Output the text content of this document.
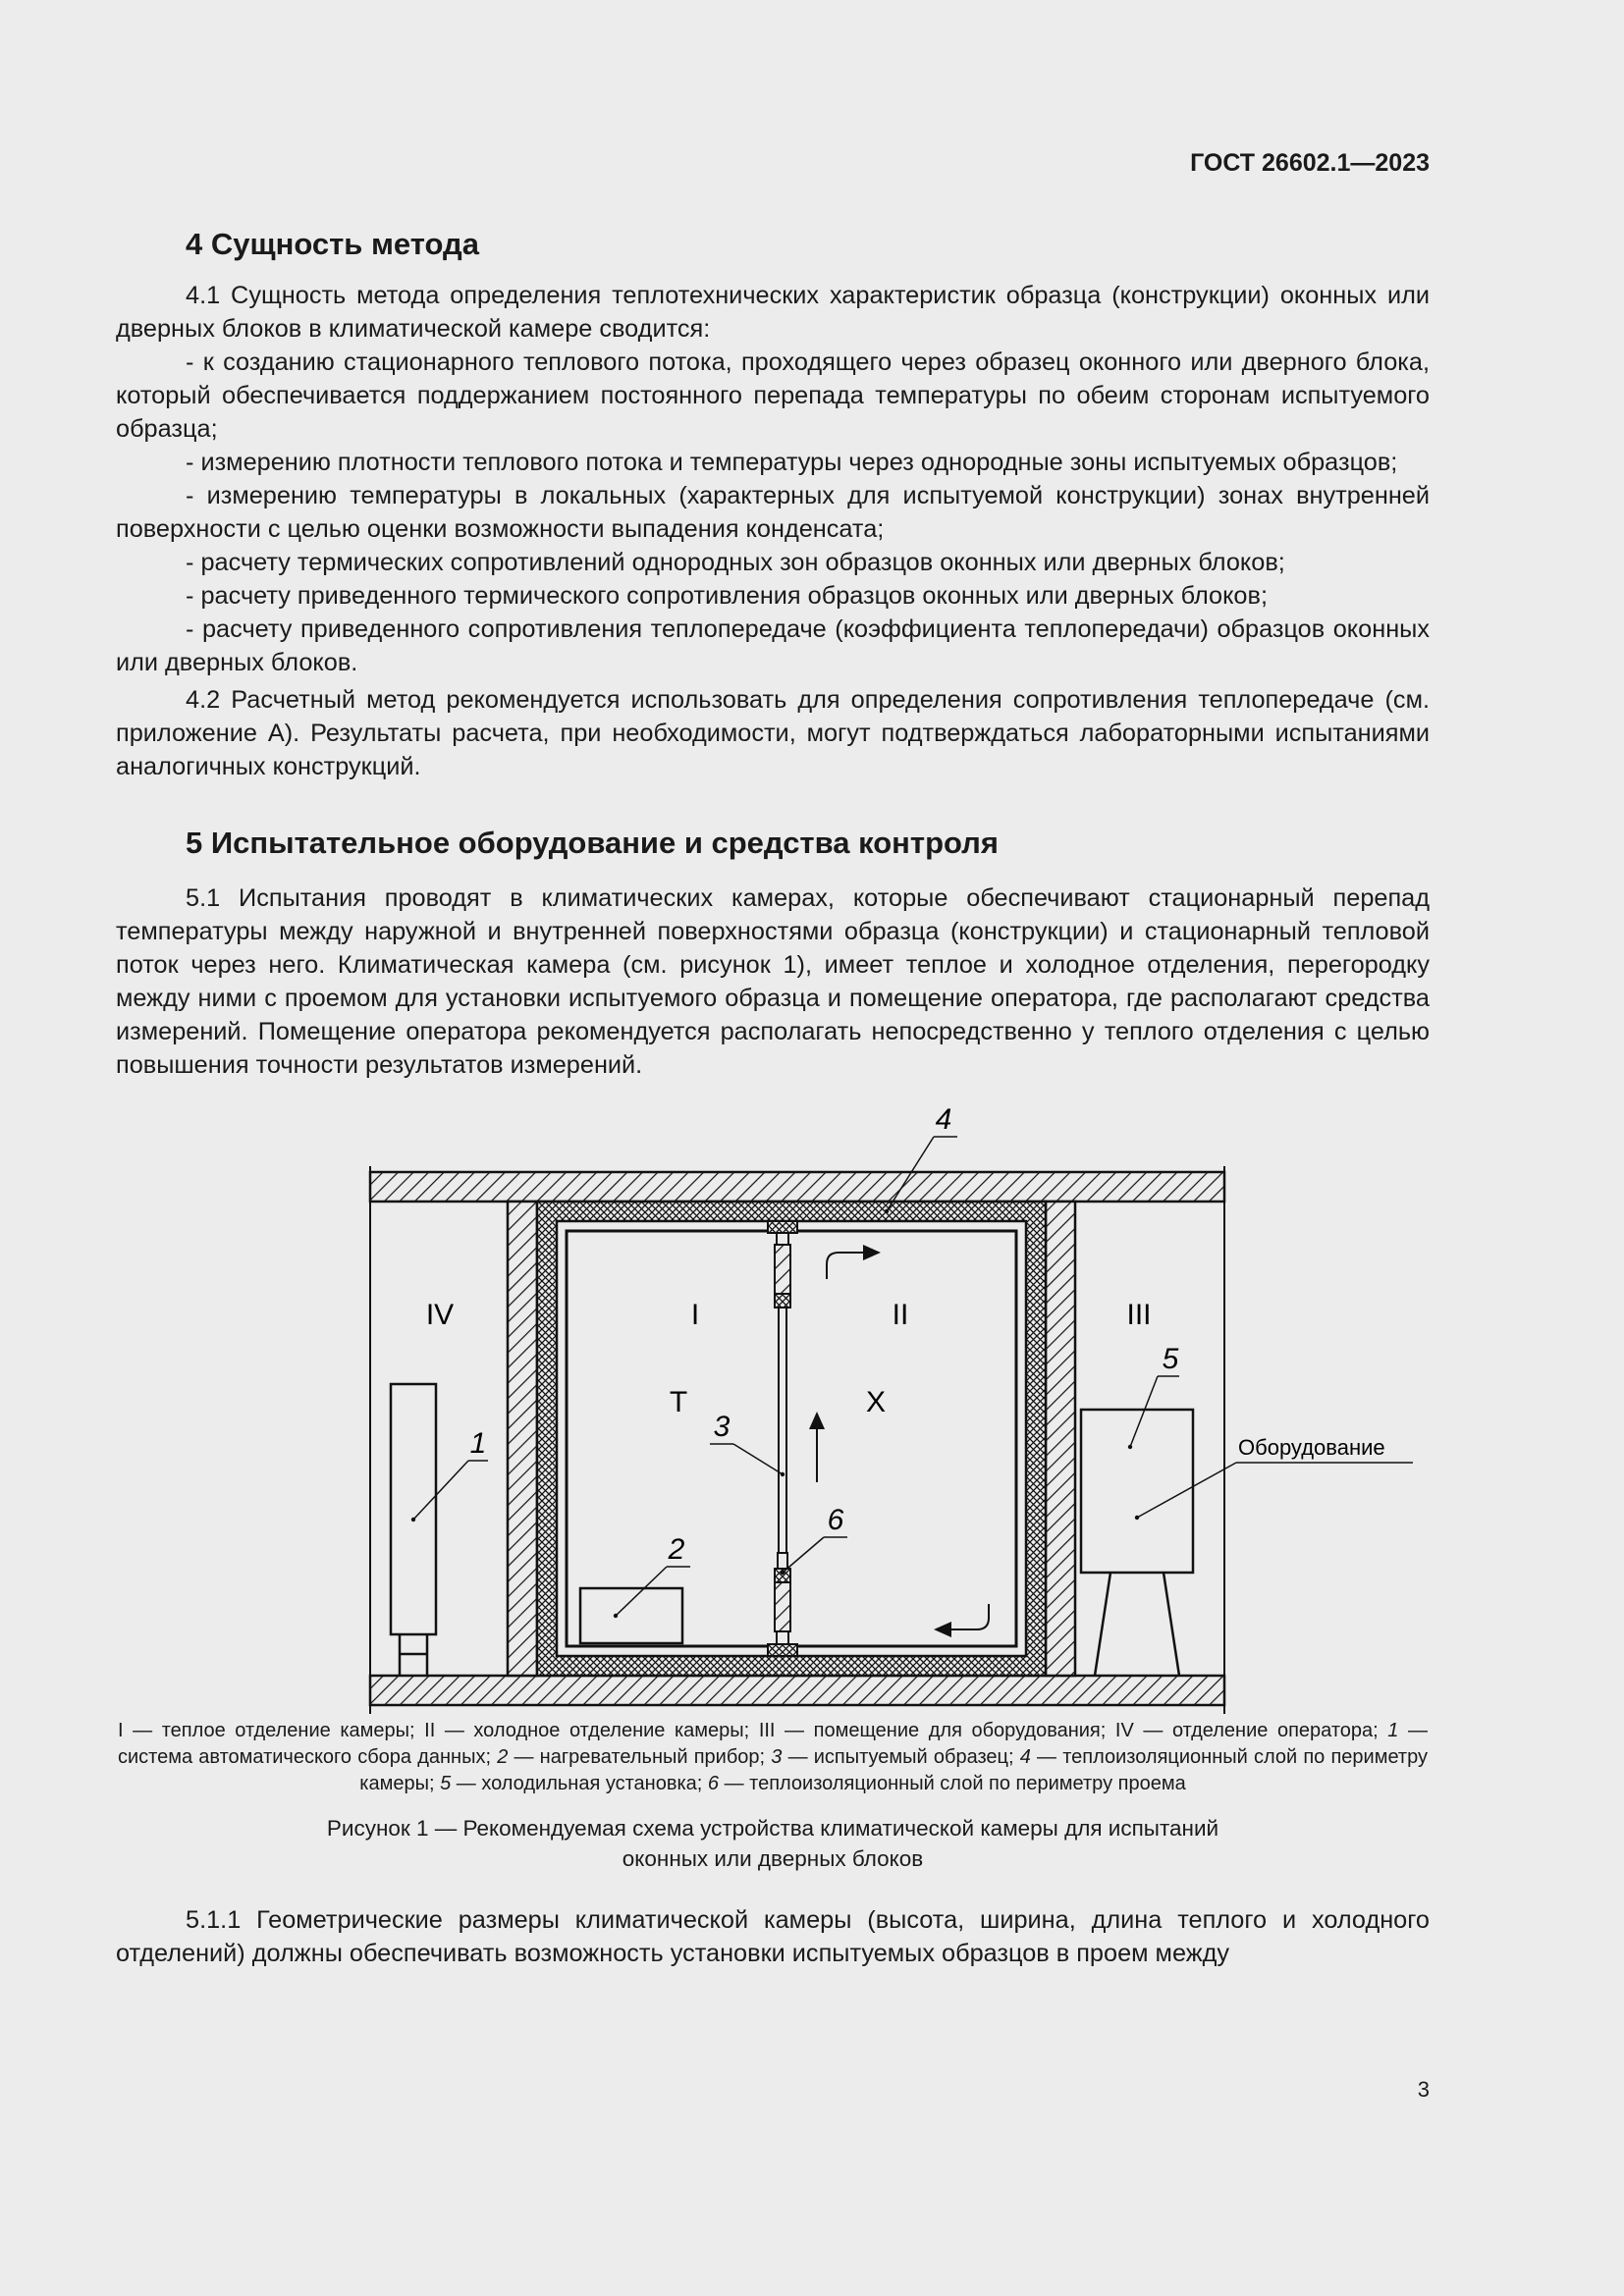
ГОСТ 26602.1—2023
4 Сущность метода

4.1 Сущность метода определения теплотехнических характеристик образца (конструкции) оконных или дверных блоков в климатической камере сводится:

- к созданию стационарного теплового потока, проходящего через образец оконного или дверного блока, который обеспечивается поддержанием постоянного перепада температуры по обеим сторонам испытуемого образца;

- измерению плотности теплового потока и температуры через однородные зоны испытуемых образцов;

- измерению температуры в локальных (характерных для испытуемой конструкции) зонах внутренней поверхности с целью оценки возможности выпадения конденсата;

- расчету термических сопротивлений однородных зон образцов оконных или дверных блоков;

- расчету приведенного термического сопротивления образцов оконных или дверных блоков;

- расчету приведенного сопротивления теплопередаче (коэффициента теплопередачи) образцов оконных или дверных блоков.

4.2 Расчетный метод рекомендуется использовать для определения сопротивления теплопередаче (см. приложение А). Результаты расчета, при необходимости, могут подтверждаться лабораторными испытаниями аналогичных конструкций.

5 Испытательное оборудование и средства контроля

5.1 Испытания проводят в климатических камерах, которые обеспечивают стационарный перепад температуры между наружной и внутренней поверхностями образца (конструкции) и стационарный тепловой поток через него. Климатическая камера (см. рисунок 1), имеет теплое и холодное отделения, перегородку между ними с проемом для установки испытуемого образца и помещение оператора, где располагают средства измерений. Помещение оператора рекомендуется располагать непосредственно у теплого отделения с целью повышения точности результатов измерений.

IV	I	II	III
Т	Х
1
2
3
4
5
6
Оборудование
I — теплое отделение камеры; II — холодное отделение камеры; III — помещение для оборудования; IV — отделение оператора; 1 — система автоматического сбора данных; 2 — нагревательный прибор; 3 — испытуемый образец; 4 — теплоизоляционный слой по периметру камеры; 5 — холодильная установка; 6 — теплоизоляционный слой по периметру проема
Рисунок 1 — Рекомендуемая схема устройства климатической камеры для испытаний
оконных или дверных блоков

5.1.1 Геометрические размеры климатической камеры (высота, ширина, длина теплого и холодного отделений) должны обеспечивать возможность установки испытуемых образцов в проем между

3
